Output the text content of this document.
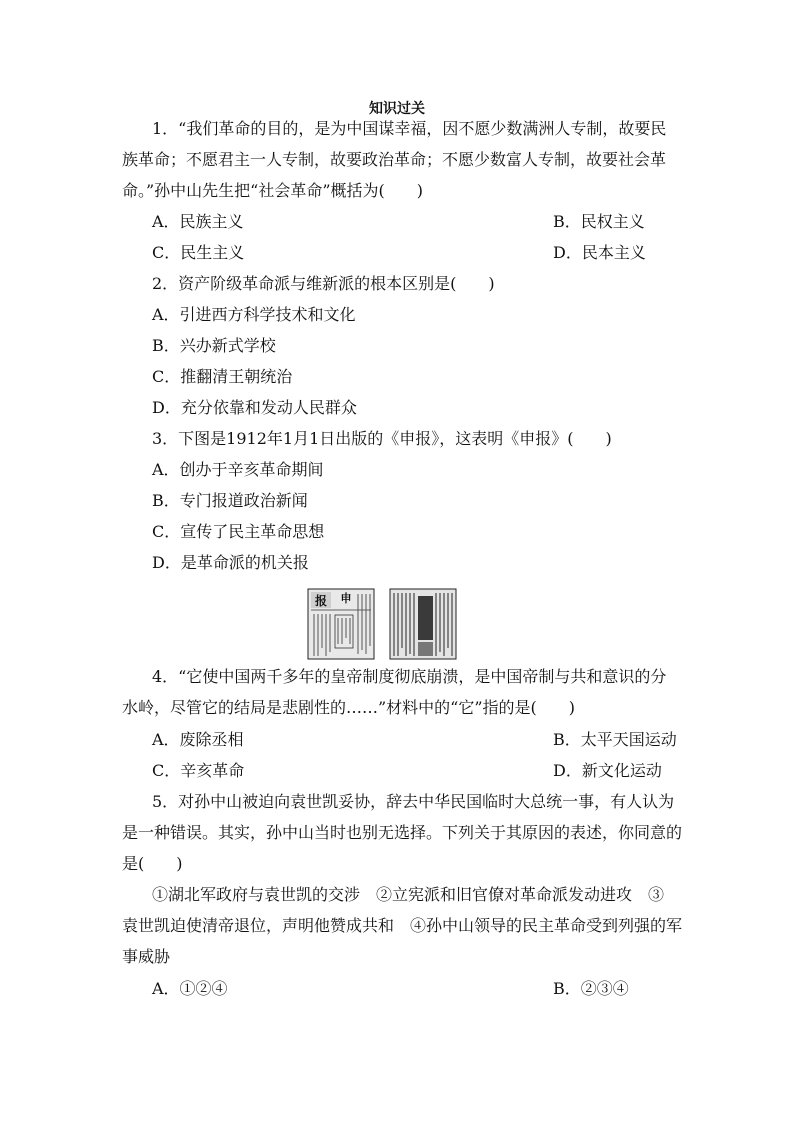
知识过关
1．“我们革命的目的，是为中国谋幸福，因不愿少数满洲人专制，故要民
族革命；不愿君主一人专制，故要政治革命；不愿少数富人专制，故要社会革
命。”孙中山先生把“社会革命”概括为(　　)
A．民族主义	B．民权主义
C．民生主义	D．民本主义
2．资产阶级革命派与维新派的根本区别是(　　)
A．引进西方科学技术和文化
B．兴办新式学校
C．推翻清王朝统治
D．充分依靠和发动人民群众
3．下图是1912年1月1日出版的《申报》，这表明《申报》(　　)
A．创办于辛亥革命期间
B．专门报道政治新闻
C．宣传了民主革命思想
D．是革命派的机关报
报 申
4．“它使中国两千多年的皇帝制度彻底崩溃，是中国帝制与共和意识的分
水岭，尽管它的结局是悲剧性的……”材料中的“它”指的是(　　)
A．废除丞相	B．太平天国运动
C．辛亥革命	D．新文化运动
5．对孙中山被迫向袁世凯妥协，辞去中华民国临时大总统一事，有人认为
是一种错误。其实，孙中山当时也别无选择。下列关于其原因的表述，你同意的
是(　　)
①湖北军政府与袁世凯的交涉　②立宪派和旧官僚对革命派发动进攻　③
袁世凯迫使清帝退位，声明他赞成共和　④孙中山领导的民主革命受到列强的军
事威胁
A．①②④	B．②③④
